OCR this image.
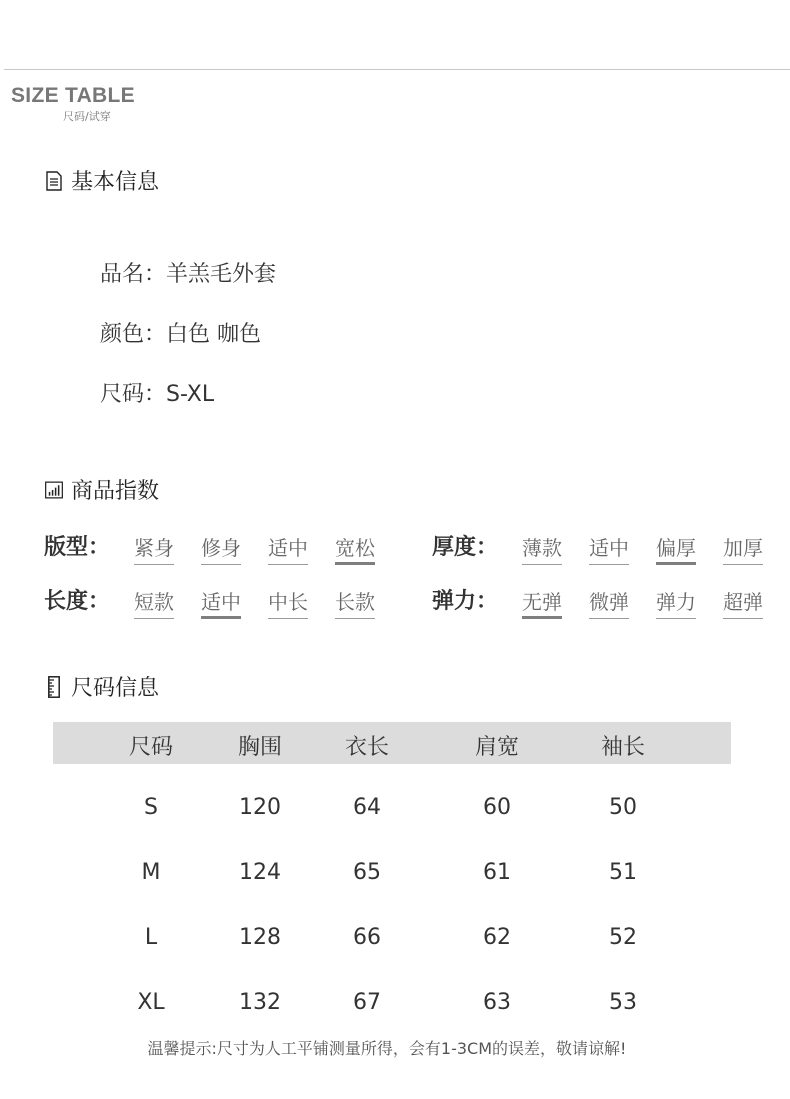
SIZE TABLE
尺码/试穿
基本信息
品名：羊羔毛外套
颜色：白色 咖色
尺码：S-XL
商品指数
版型： 紧身 修身 适中 宽松	厚度： 薄款 适中 偏厚 加厚
长度： 短款 适中 中长 长款	弹力： 无弹 微弹 弹力 超弹
尺码信息
尺码	胸围	衣长	肩宽	袖长
S	120	64	60	50
M	124	65	61	51
L	128	66	62	52
XL	132	67	63	53
温馨提示:尺寸为人工平铺测量所得，会有1-3CM的误差，敬请谅解!
